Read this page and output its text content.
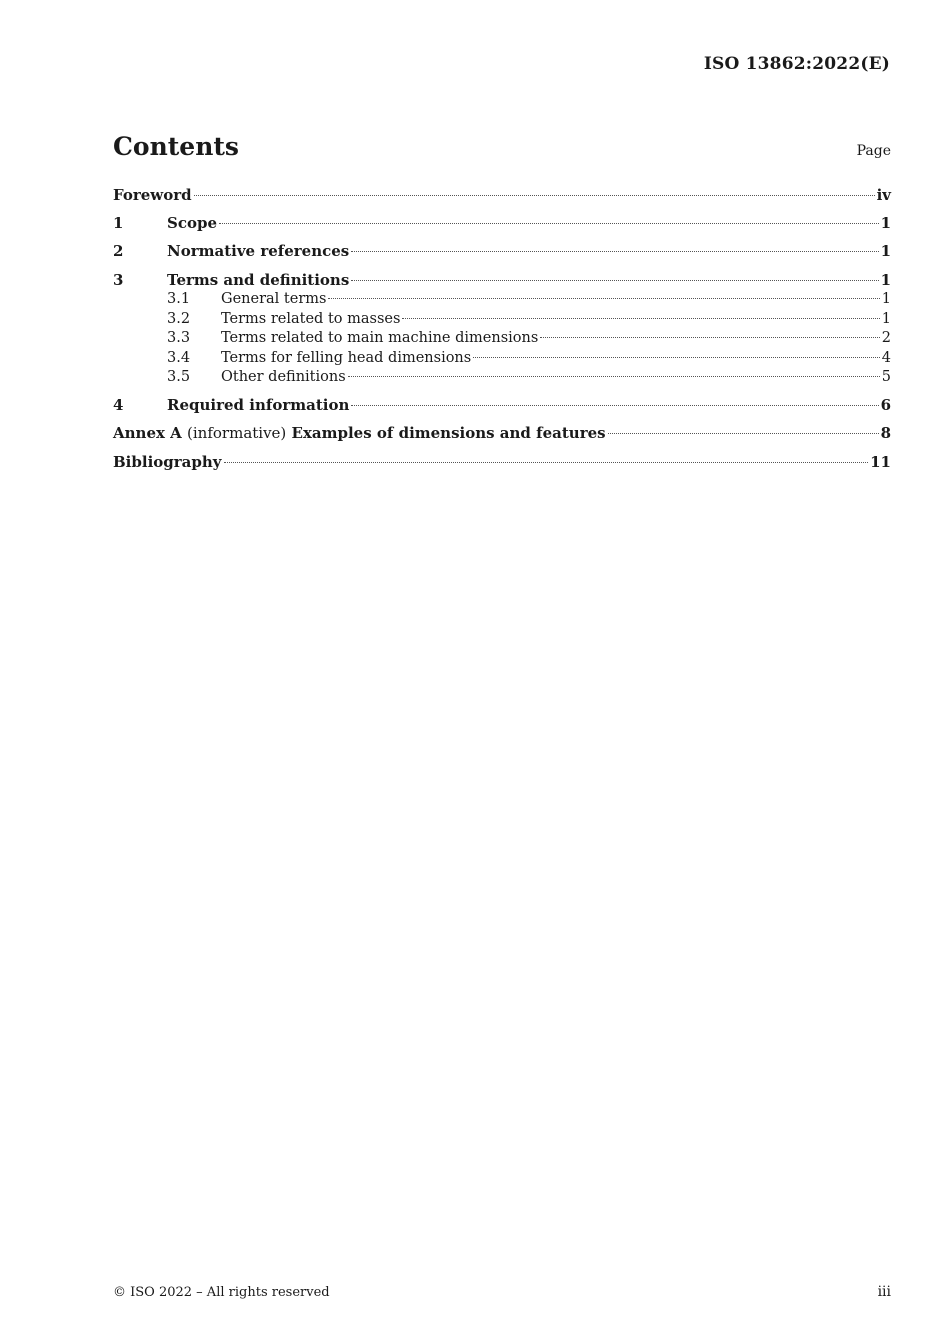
ISO 13862:2022(E)
Contents	Page
Foreword	iv
1	Scope	1
2	Normative references	1
3	Terms and definitions	1
3.1	General terms	1
3.2	Terms related to masses	1
3.3	Terms related to main machine dimensions	2
3.4	Terms for felling head dimensions	4
3.5	Other definitions	5
4	Required information	6
Annex A (informative) Examples of dimensions and features	8
Bibliography	11
© ISO 2022 – All rights reserved	iii
